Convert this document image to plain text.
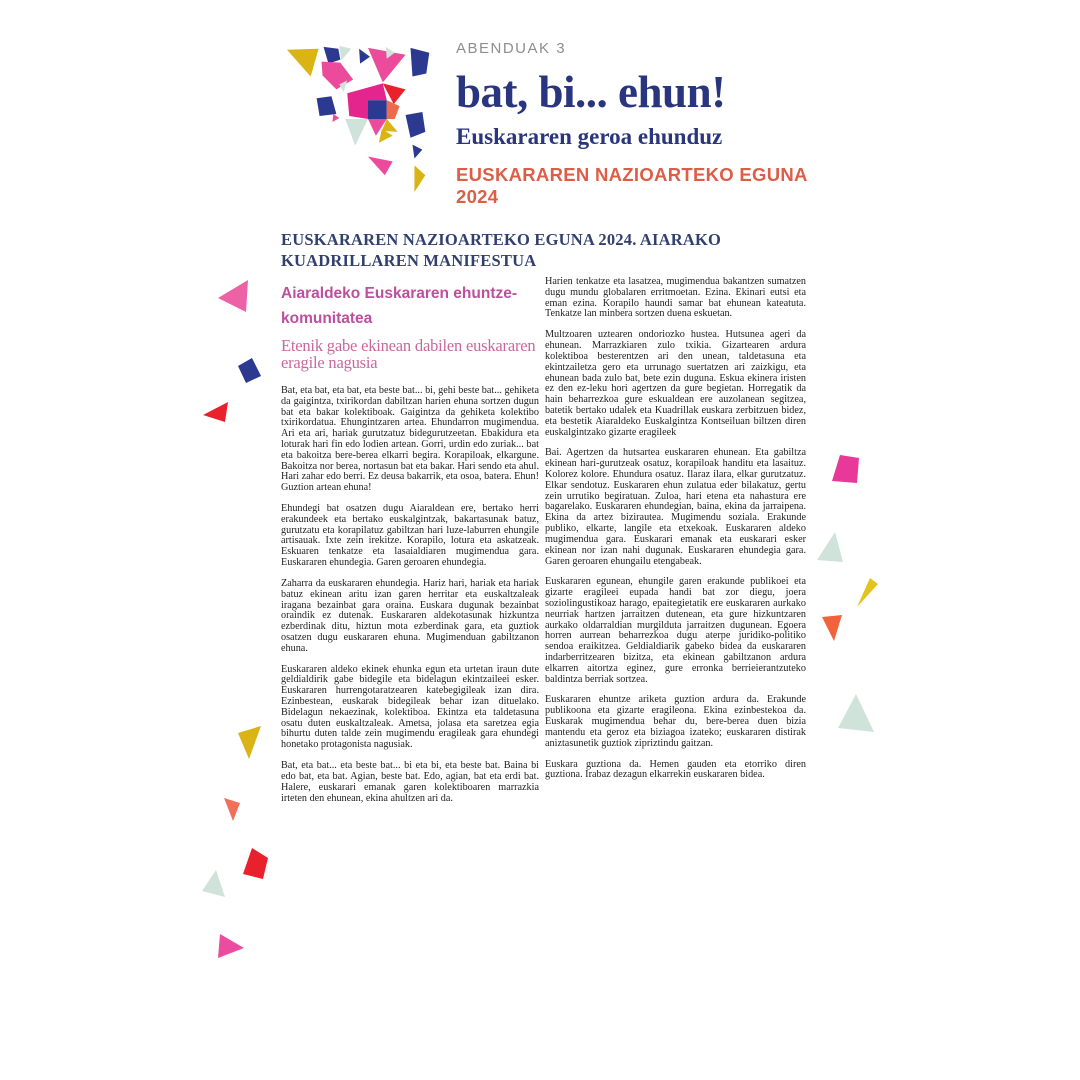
ABENDUAK 3
bat, bi... ehun!
Euskararen geroa ehunduz
EUSKARAREN NAZIOARTEKO EGUNA 2024
EUSKARAREN NAZIOARTEKO EGUNA 2024. AIARAKO KUADRILLAREN MANIFESTUA
Aiaraldeko Euskararen ehuntze-komunitatea
Etenik gabe ekinean dabilen euskararen eragile nagusia

Bat, eta bat, eta bat, eta beste bat... bi, gehi beste bat... gehiketa da gaigintza, txirikordan dabiltzan harien ehuna sortzen dugun bat eta bakar kolektiboak. Gaigintza da gehiketa kolektibo txirikordatua. Ehungintzaren artea. Ehundarron mugimendua. Ari eta ari, hariak gurutzatuz bidegurutzeetan. Ebakidura eta loturak hari fin edo lodien artean. Gorri, urdin edo zuriak... bat eta bakoitza bere-berea elkarri begira. Korapiloak, elkargune. Bakoitza nor berea, nortasun bat eta bakar. Hari sendo eta ahul. Hari zahar edo berri. Ez deusa bakarrik, eta osoa, batera. Ehun! Guztion artean ehuna!

Ehundegi bat osatzen dugu Aiaraldean ere, bertako herri erakundeek eta bertako euskalgintzak, bakartasunak batuz, gurutzatu eta korapilatuz gabiltzan hari luze-laburren ehungile artisauak. Ixte zein irekitze. Korapilo, lotura eta askatzeak. Eskuaren tenkatze eta lasaialdiaren mugimendua gara. Euskararen ehundegia. Garen geroaren ehundegia.

Zaharra da euskararen ehundegia. Hariz hari, hariak eta hariak batuz ekinean aritu izan garen herritar eta euskaltzaleak iragana bezainbat gara oraina. Euskara dugunak bezainbat oraindik ez dutenak. Euskararen aldekotasunak hizkuntza ezberdinak ditu, hiztun mota ezberdinak gara, eta guztiok osatzen dugu euskararen ehuna. Mugimenduan gabiltzanon ehuna.

Euskararen aldeko ekinek ehunka egun eta urtetan iraun dute geldialdirik gabe bidegile eta bidelagun ekintzaileei esker. Euskararen hurrengotaratzearen katebegigileak izan dira. Ezinbestean, euskarak bidegileak behar izan dituelako. Bidelagun nekaezinak, kolektiboa. Ekintza eta taldetasuna osatu duten euskaltzaleak. Ametsa, jolasa eta saretzea egia bihurtu duten talde zein mugimendu eragileak gara ehundegi honetako protagonista nagusiak.

Bat, eta bat... eta beste bat... bi eta bi, eta beste bat. Baina bi edo bat, eta bat. Agian, beste bat. Edo, agian, bat eta erdi bat. Halere, euskarari emanak garen kolektiboaren marrazkia irteten den ehunean, ekina ahultzen ari da.

Harien tenkatze eta lasatzea, mugimendua bakantzen sumatzen dugu mundu globalaren erritmoetan. Ezina. Ekinari eutsi eta eman ezina. Korapilo haundi samar bat ehunean kateatuta. Tenkatze lan minbera sortzen duena eskuetan.

Multzoaren uztearen ondoriozko hustea. Hutsunea ageri da ehunean. Marrazkiaren zulo txikia. Gizartearen ardura kolektiboa besterentzen ari den unean, taldetasuna eta ekintzailetza gero eta urrunago suertatzen ari zaizkigu, eta ehunean bada zulo bat, bete ezin duguna. Eskua ekinera iristen ez den ez-leku hori agertzen da gure begietan. Horregatik da hain beharrezkoa gure eskualdean ere auzolanean segitzea, batetik bertako udalek eta Kuadrillak euskara zerbitzuen bidez, eta bestetik Aiaraldeko Euskalgintza Kontseiluan biltzen diren euskalgintzako gizarte eragileek

Bai. Agertzen da hutsartea euskararen ehunean. Eta gabiltza ekinean hari-gurutzeak osatuz, korapiloak handitu eta lasaituz. Kolorez kolore. Ehundura osatuz. Ilaraz ilara, elkar gurutzatuz. Elkar sendotuz. Euskararen ehun zulatua eder bilakatuz, gertu zein urrutiko begiratuan. Zuloa, hari etena eta nahastura ere bagarelako. Euskararen ehundegian, baina, ekina da jarraipena. Ekina da artez bizirautea. Mugimendu soziala. Erakunde publiko, elkarte, langile eta etxekoak. Euskararen aldeko mugimendua gara. Euskarari emanak eta euskarari esker ekinean nor izan nahi dugunak. Euskararen ehundegia gara. Garen geroaren ehungailu etengabeak.

Euskararen egunean, ehungile garen erakunde publikoei eta gizarte eragileei eupada handi bat zor diegu, joera soziolingustikoaz harago, epaitegietatik ere euskararen aurkako neurriak hartzen jarraitzen dutenean, eta gure hizkuntzaren aurkako oldarraldian murgilduta jarraitzen dugunean. Egoera horren aurrean beharrezkoa dugu aterpe juridiko-politiko sendoa eraikitzea. Geldialdiarik gabeko bidea da euskararen indarberritzearen bizitza, eta ekinean gabiltzanon ardura elkarren aitortza eginez, gure erronka berrieierantzuteko baldintza berriak sortzea.

Euskararen ehuntze ariketa guztion ardura da. Erakunde publikoona eta gizarte eragileona. Ekina ezinbestekoa da. Euskarak mugimendua behar du, bere-berea duen bizia mantendu eta geroz eta biziagoa izateko; euskararen distirak aniztasunetik guztiok zipriztindu gaitzan.

Euskara guztiona da. Hemen gauden eta etorriko diren guztiona. Irabaz dezagun elkarrekin euskararen bidea.
